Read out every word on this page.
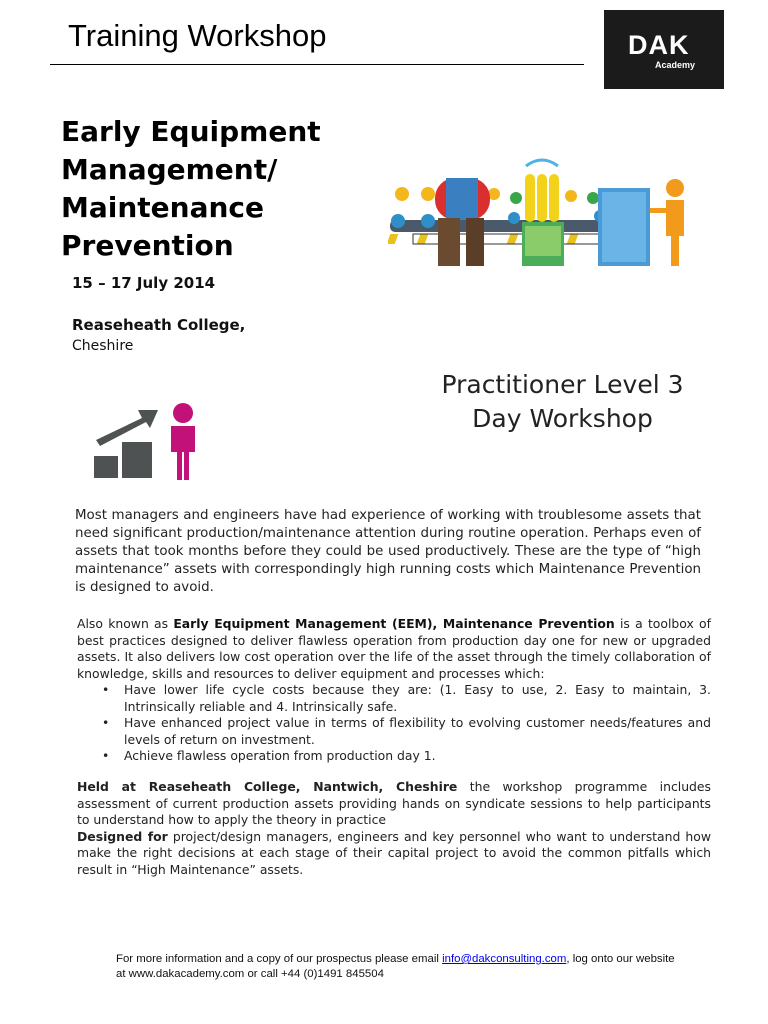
Training Workshop	DAK
Academy
Early Equipment
Management/
Maintenance
Prevention
15 – 17 July 2014
Reaseheath College,
Cheshire
Practitioner Level 3
Day Workshop
Most managers and engineers have had experience of working with troublesome assets that need significant production/maintenance attention during routine operation. Perhaps even of assets that took months before they could be used productively. These are the type of “high maintenance” assets with correspondingly high running costs which Maintenance Prevention is designed to avoid.

Also known as Early Equipment Management (EEM), Maintenance Prevention is a toolbox of best practices designed to deliver flawless operation from production day one for new or upgraded assets. It also delivers low cost operation over the life of the asset through the timely collaboration of knowledge, skills and resources to deliver equipment and processes which:

• Have lower life cycle costs because they are: (1. Easy to use, 2. Easy to maintain, 3. Intrinsically reliable and 4. Intrinsically safe.
• Have enhanced project value in terms of flexibility to evolving customer needs/features and levels of return on investment.
• Achieve flawless operation from production day 1.

Held at Reaseheath College, Nantwich, Cheshire the workshop programme includes assessment of current production assets providing hands on syndicate sessions to help participants to understand how to apply the theory in practice

Designed for project/design managers, engineers and key personnel who want to understand how make the right decisions at each stage of their capital project to avoid the common pitfalls which result in “High Maintenance” assets.

For more information and a copy of our prospectus please email info@dakconsulting.com, log onto our website at www.dakacademy.com or call +44 (0)1491 845504
